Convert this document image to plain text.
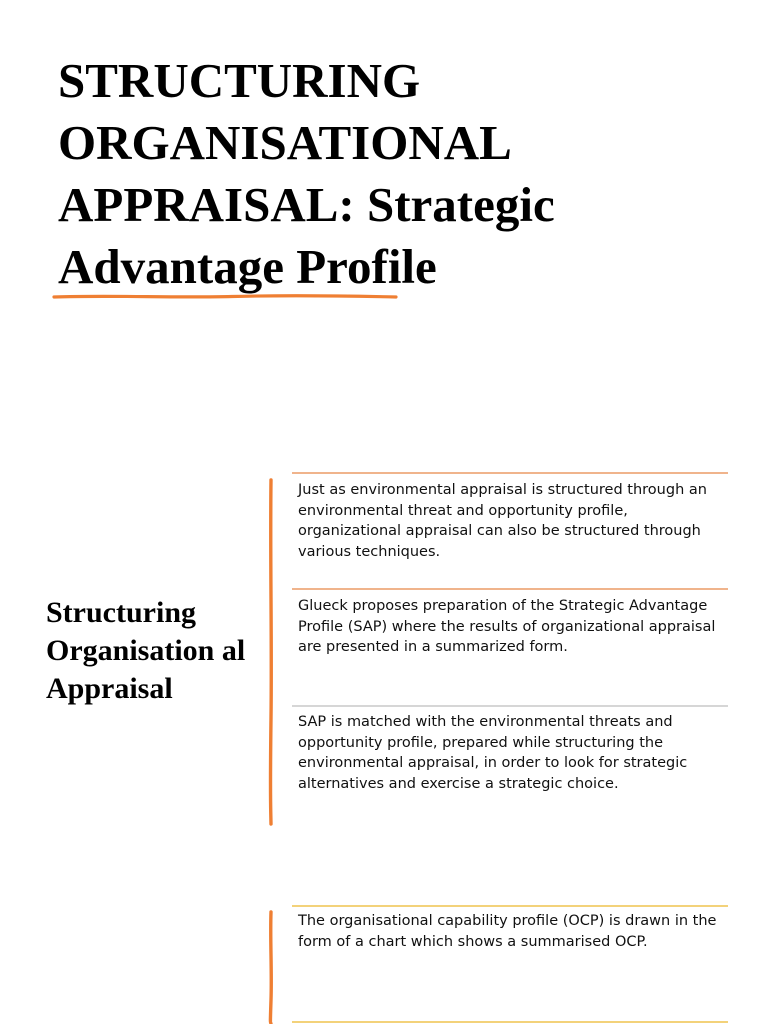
STRUCTURING ORGANISATIONAL APPRAISAL: Strategic Advantage Profile
Structuring Organisation al Appraisal

Just as environmental appraisal is structured through an environmental threat and opportunity profile, organizational appraisal can also be structured through various techniques.

Glueck proposes preparation of the Strategic Advantage Profile (SAP) where the results of organizational appraisal are presented in a summarized form.

SAP is matched with the environmental threats and opportunity profile, prepared while structuring the environmental appraisal, in order to look for strategic alternatives and exercise a strategic choice.

The organisational capability profile (OCP) is drawn in the form of a chart which shows a summarised OCP.
